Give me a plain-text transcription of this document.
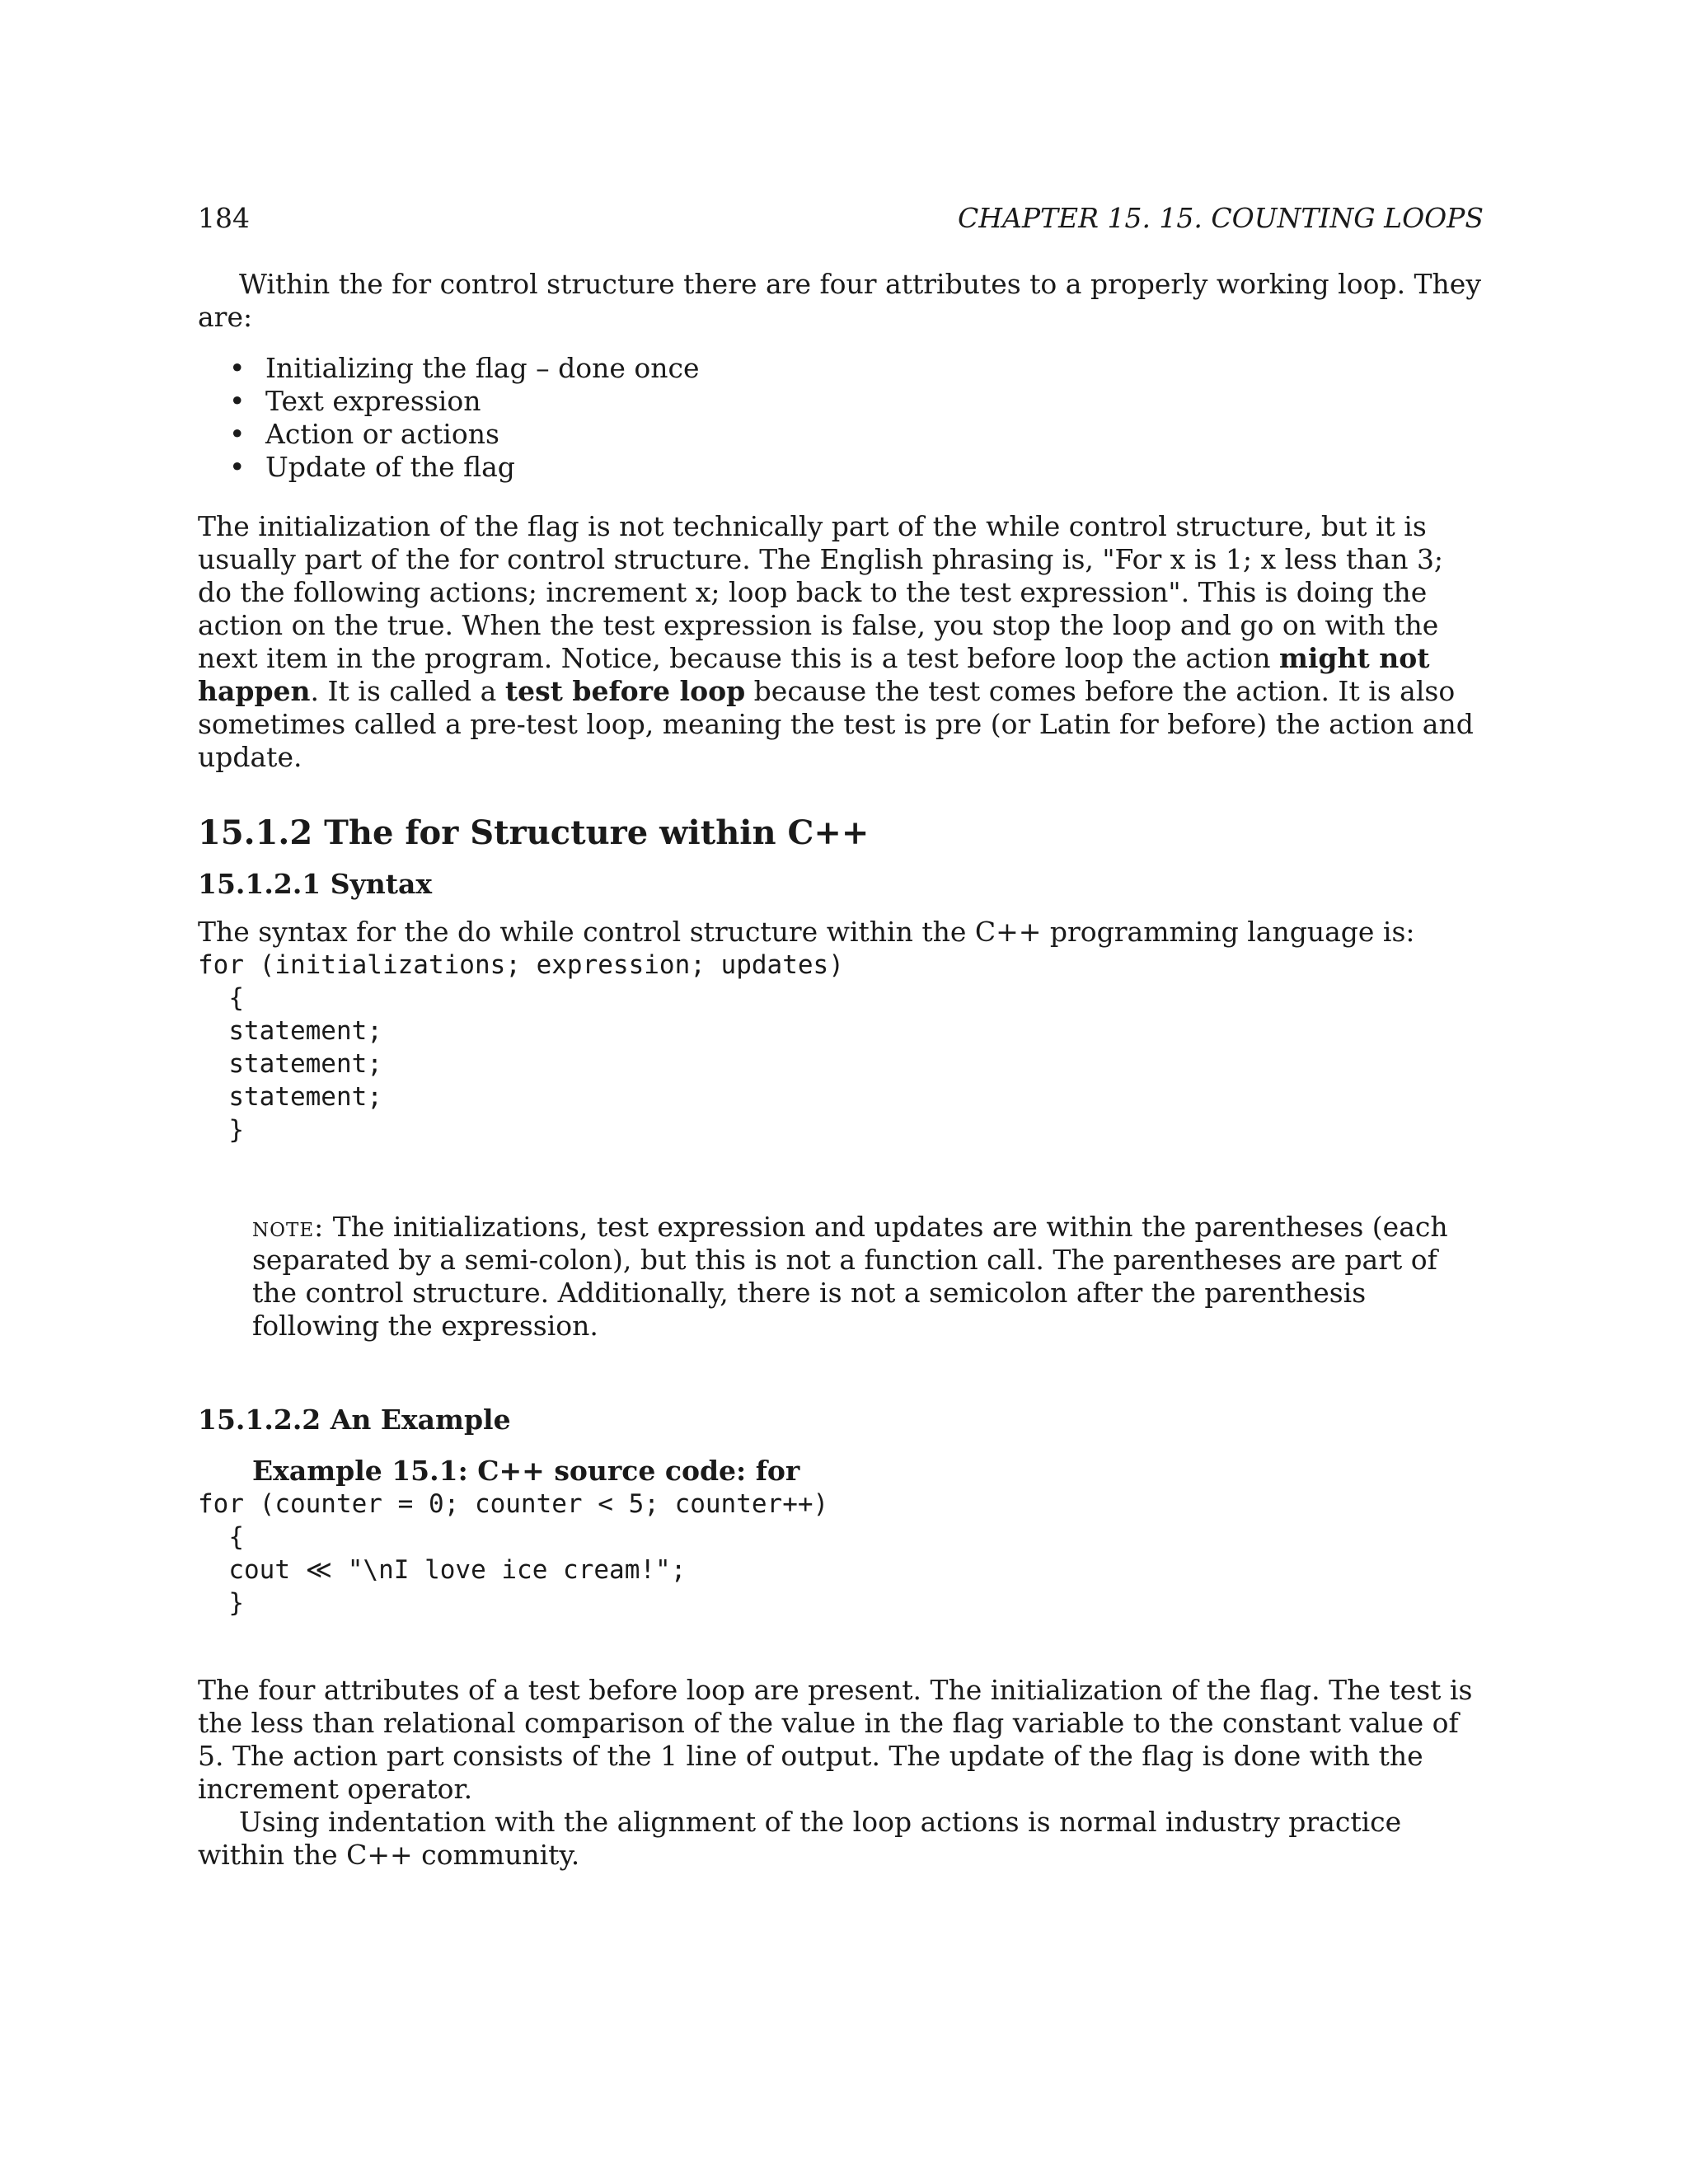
184	CHAPTER 15. 15. COUNTING LOOPS

Within the for control structure there are four attributes to a properly working loop. They are:

• Initializing the flag – done once
• Text expression
• Action or actions
• Update of the flag

The initialization of the flag is not technically part of the while control structure, but it is usually part of the for control structure. The English phrasing is, "For x is 1; x less than 3; do the following actions; increment x; loop back to the test expression". This is doing the action on the true. When the test expression is false, you stop the loop and go on with the next item in the program. Notice, because this is a test before loop the action might not happen. It is called a test before loop because the test comes before the action. It is also sometimes called a pre-test loop, meaning the test is pre (or Latin for before) the action and update.

15.1.2 The for Structure within C++
15.1.2.1 Syntax

The syntax for the do while control structure within the C++ programming language is:

for (initializations; expression; updates)
{
statement;
statement;
statement;
}

note: The initializations, test expression and updates are within the parentheses (each separated by a semi-colon), but this is not a function call. The parentheses are part of the control structure. Additionally, there is not a semicolon after the parenthesis following the expression.

15.1.2.2 An Example

Example 15.1: C++ source code: for

for (counter = 0; counter < 5; counter++)
{
cout ≪ "\nI love ice cream!";
}

The four attributes of a test before loop are present. The initialization of the flag. The test is the less than relational comparison of the value in the flag variable to the constant value of 5. The action part consists of the 1 line of output. The update of the flag is done with the increment operator.

Using indentation with the alignment of the loop actions is normal industry practice within the C++ community.
